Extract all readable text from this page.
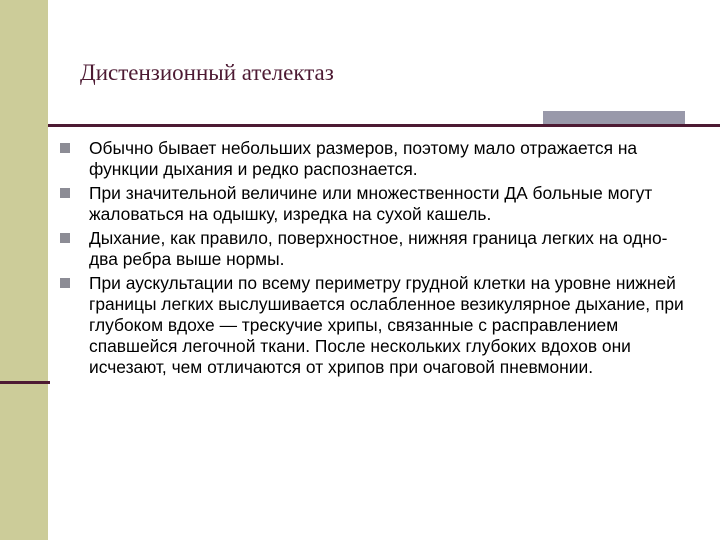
Дистензионный ателектаз
Обычно бывает небольших размеров, поэтому мало отражается на функции дыхания и редко распознается.
При значительной величине или множественности ДА больные могут жаловаться на одышку, изредка на сухой кашель.
Дыхание, как правило, поверхностное, нижняя граница легких на одно-два ребра выше нормы.
При аускультации по всему периметру грудной клетки на уровне нижней границы легких выслушивается ослабленное везикулярное дыхание, при глубоком вдохе — трескучие хрипы, связанные с расправлением спавшейся легочной ткани. После нескольких глубоких вдохов они исчезают, чем отличаются от хрипов при очаговой пневмонии.
